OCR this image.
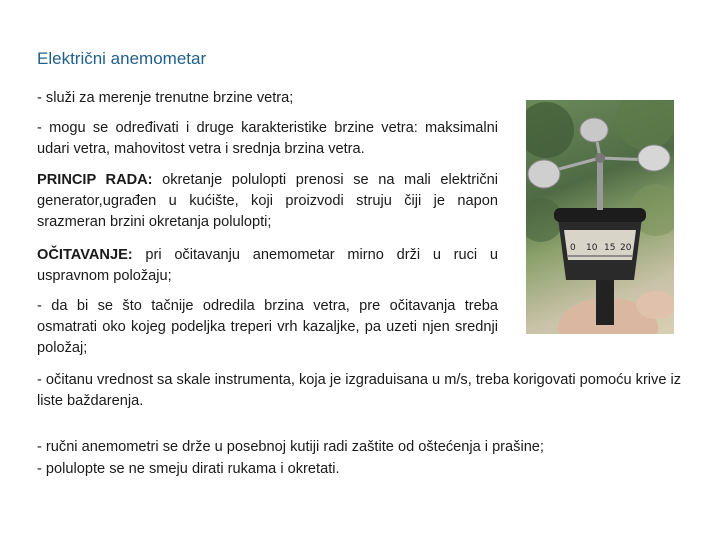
Električni anemometar

- služi za merenje trenutne brzine vetra;

- mogu se određivati i druge karakteristike brzine vetra: maksimalni udari vetra, mahovitost vetra i srednja brzina vetra.

PRINCIP RADA: okretanje polulopti prenosi se na mali električni generator,ugrađen u kućište, koji proizvodi struju čiji je napon srazmeran brzini okretanja polulopti;

OČITAVANJE: pri očitavanju anemometar mirno drži u ruci u uspravnom položaju;

- da bi se što tačnije odredila brzina vetra, pre očitavanja treba osmatrati oko kojeg podeljka treperi vrh kazaljke, pa uzeti njen srednji položaj;

- očitanu vrednost sa skale instrumenta, koja je izgraduisana u m/s, treba korigovati pomoću krive iz liste baždarenja.

- ručni anemometri se drže u posebnoj kutiji radi zaštite od oštećenja i prašine;

- polulopte se ne smeju dirati rukama i okretati.

0 10 15 20
